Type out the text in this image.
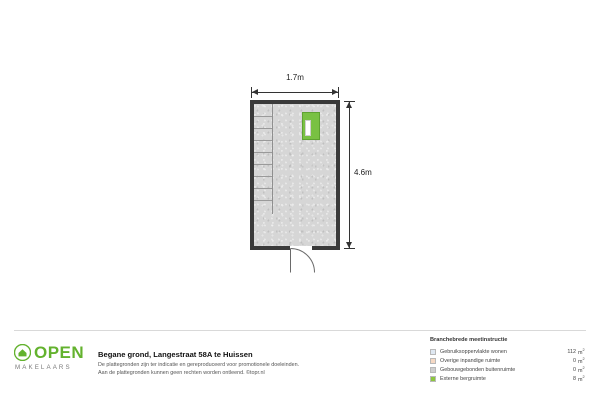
1.7m
4.6m
OPEN
MAKELAARS
Begane grond, Langestraat 58A te Huissen
De plattegronden zijn ter indicatie en gereproduceerd voor promotionele doeleinden.
Aan de plattegronden kunnen geen rechten worden ontleend. ©topr.nl
Branchebrede meetinstructie
Gebruiksoppervlakte wonen	112 $m^2$
Overige inpandige ruimte	0 $m^2$
Gebouwgebonden buitenruimte	0 $m^2$
Externe bergruimte	8 $m^2$
